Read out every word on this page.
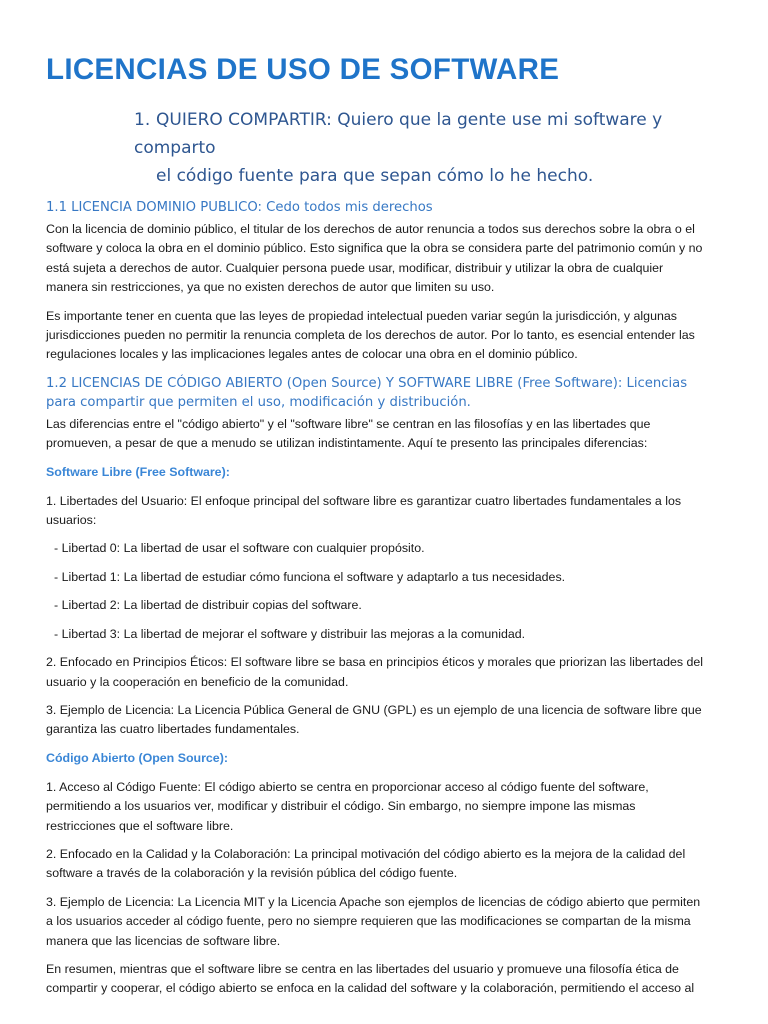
LICENCIAS DE USO DE SOFTWARE
1. QUIERO COMPARTIR: Quiero que la gente use mi software y comparto
el código fuente para que sepan cómo lo he hecho.
1.1 LICENCIA DOMINIO PUBLICO: Cedo todos mis derechos

Con la licencia de dominio público, el titular de los derechos de autor renuncia a todos sus derechos sobre la obra o el software y coloca la obra en el dominio público. Esto significa que la obra se considera parte del patrimonio común y no está sujeta a derechos de autor. Cualquier persona puede usar, modificar, distribuir y utilizar la obra de cualquier manera sin restricciones, ya que no existen derechos de autor que limiten su uso.

Es importante tener en cuenta que las leyes de propiedad intelectual pueden variar según la jurisdicción, y algunas jurisdicciones pueden no permitir la renuncia completa de los derechos de autor. Por lo tanto, es esencial entender las regulaciones locales y las implicaciones legales antes de colocar una obra en el dominio público.

1.2 LICENCIAS DE CÓDIGO ABIERTO (Open Source) Y SOFTWARE LIBRE (Free Software): Licencias para compartir que permiten el uso, modificación y distribución.

Las diferencias entre el "código abierto" y el "software libre" se centran en las filosofías y en las libertades que promueven, a pesar de que a menudo se utilizan indistintamente. Aquí te presento las principales diferencias:

Software Libre (Free Software):

1. Libertades del Usuario: El enfoque principal del software libre es garantizar cuatro libertades fundamentales a los usuarios:

- Libertad 0: La libertad de usar el software con cualquier propósito.

- Libertad 1: La libertad de estudiar cómo funciona el software y adaptarlo a tus necesidades.

- Libertad 2: La libertad de distribuir copias del software.

- Libertad 3: La libertad de mejorar el software y distribuir las mejoras a la comunidad.

2. Enfocado en Principios Éticos: El software libre se basa en principios éticos y morales que priorizan las libertades del usuario y la cooperación en beneficio de la comunidad.

3. Ejemplo de Licencia: La Licencia Pública General de GNU (GPL) es un ejemplo de una licencia de software libre que garantiza las cuatro libertades fundamentales.

Código Abierto (Open Source):

1. Acceso al Código Fuente: El código abierto se centra en proporcionar acceso al código fuente del software, permitiendo a los usuarios ver, modificar y distribuir el código. Sin embargo, no siempre impone las mismas restricciones que el software libre.

2. Enfocado en la Calidad y la Colaboración: La principal motivación del código abierto es la mejora de la calidad del software a través de la colaboración y la revisión pública del código fuente.

3. Ejemplo de Licencia: La Licencia MIT y la Licencia Apache son ejemplos de licencias de código abierto que permiten a los usuarios acceder al código fuente, pero no siempre requieren que las modificaciones se compartan de la misma manera que las licencias de software libre.

En resumen, mientras que el software libre se centra en las libertades del usuario y promueve una filosofía ética de compartir y cooperar, el código abierto se enfoca en la calidad del software y la colaboración, permitiendo el acceso al
